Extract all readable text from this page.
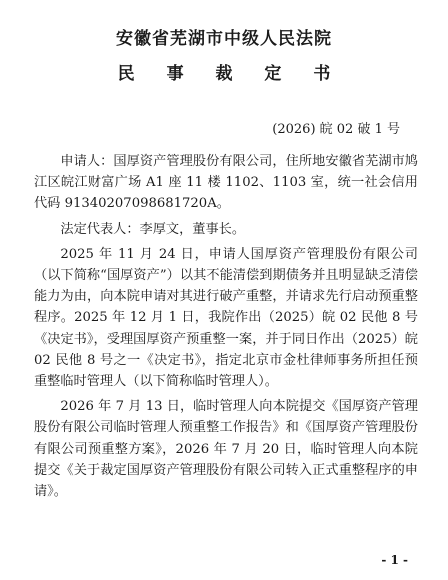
安徽省芜湖市中级人民法院
民 事 裁 定 书
(2026) 皖 02 破 1 号

申请人：国厚资产管理股份有限公司，住所地安徽省芜湖市鸠江区皖江财富广场 A1 座 11 楼 1102、1103 室，统一社会信用代码 91340207098681720A。

法定代表人：李厚文，董事长。

2025 年 11 月 24 日，申请人国厚资产管理股份有限公司（以下简称“国厚资产”）以其不能清偿到期债务并且明显缺乏清偿能力为由，向本院申请对其进行破产重整，并请求先行启动预重整程序。2025 年 12 月 1 日，我院作出（2025）皖 02 民他 8 号《决定书》，受理国厚资产预重整一案，并于同日作出（2025）皖 02 民他 8 号之一《决定书》，指定北京市金杜律师事务所担任预重整临时管理人（以下简称临时管理人）。

2026 年 7 月 13 日，临时管理人向本院提交《国厚资产管理股份有限公司临时管理人预重整工作报告》和《国厚资产管理股份有限公司预重整方案》，2026 年 7 月 20 日，临时管理人向本院提交《关于裁定国厚资产管理股份有限公司转入正式重整程序的申请》。

- 1 -
